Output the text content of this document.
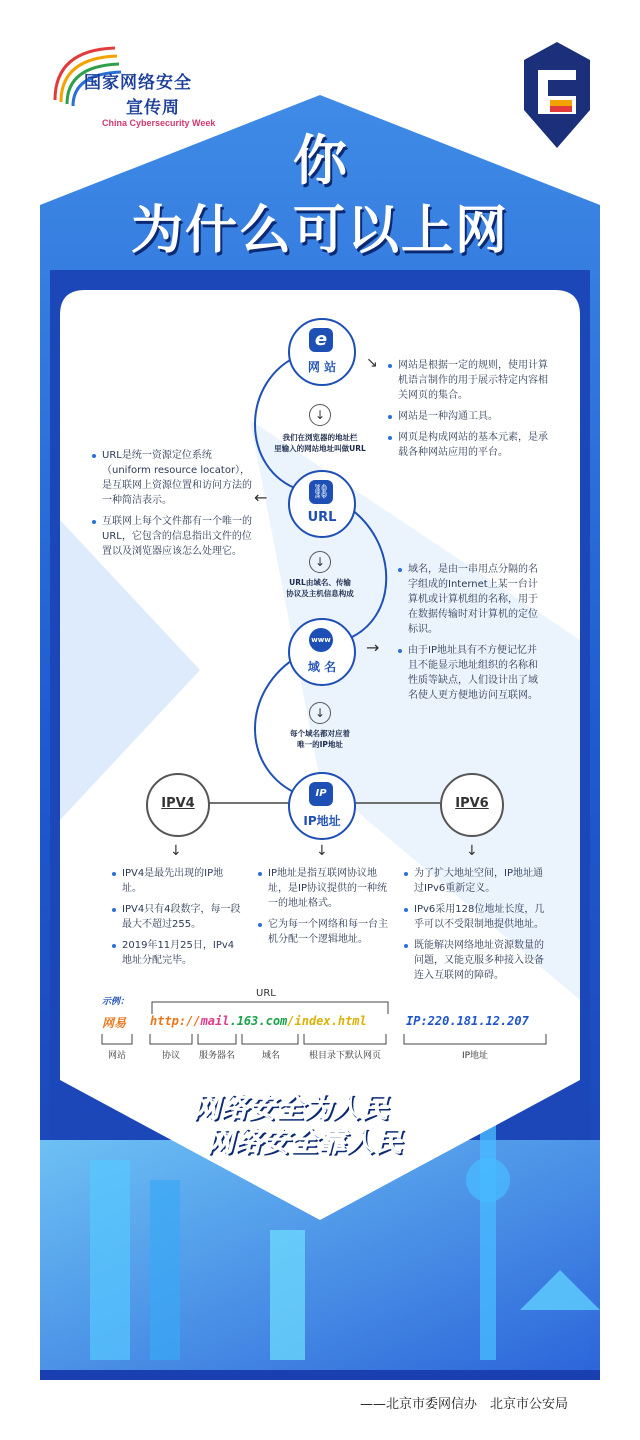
国家网络安全
宣传周
China Cybersecurity Week
你
为什么可以上网
e
网 站
⛓
URL
www
域 名
IP
IP地址
IPV4	IPV6
↓
我们在浏览器的地址栏
里输入的网站地址叫做URL
↓
URL由域名、传输
协议及主机信息构成
↓
每个域名都对应着
唯一的IP地址
↘
←
→
↓	↓	↓
网站是根据一定的规则，使用计算机语言制作的用于展示特定内容相关网页的集合。
网站是一种沟通工具。
网页是构成网站的基本元素，是承载各种网站应用的平台。
URL是统一资源定位系统（uniform resource locator），是互联网上资源位置和访问方法的一种简洁表示。
互联网上每个文件都有一个唯一的URL，它包含的信息指出文件的位置以及浏览器应该怎么处理它。
域名，是由一串用点分隔的名字组成的Internet上某一台计算机或计算机组的名称，用于在数据传输时对计算机的定位标识。
由于IP地址具有不方便记忆并且不能显示地址组织的名称和性质等缺点，人们设计出了域名使人更方便地访问互联网。
IPV4是最先出现的IP地址。
IPV4只有4段数字，每一段最大不超过255。
2019年11月25日，IPv4地址分配完毕。
IP地址是指互联网协议地址，是IP协议提供的一种统一的地址格式。
它为每一个网络和每一台主机分配一个逻辑地址。
为了扩大地址空间，IP地址通过IPv6重新定义。
IPv6采用128位地址长度，几乎可以不受限制地提供地址。
既能解决网络地址资源数量的问题，又能克服多种接入设备连入互联网的障碍。
示例：
URL
网易 http://mail.163.com/index.html	IP:220.181.12.207
网站	协议	服务器名	域名	根目录下默认网页	IP地址
网络安全为人民
网络安全靠人民
——北京市委网信办　北京市公安局
